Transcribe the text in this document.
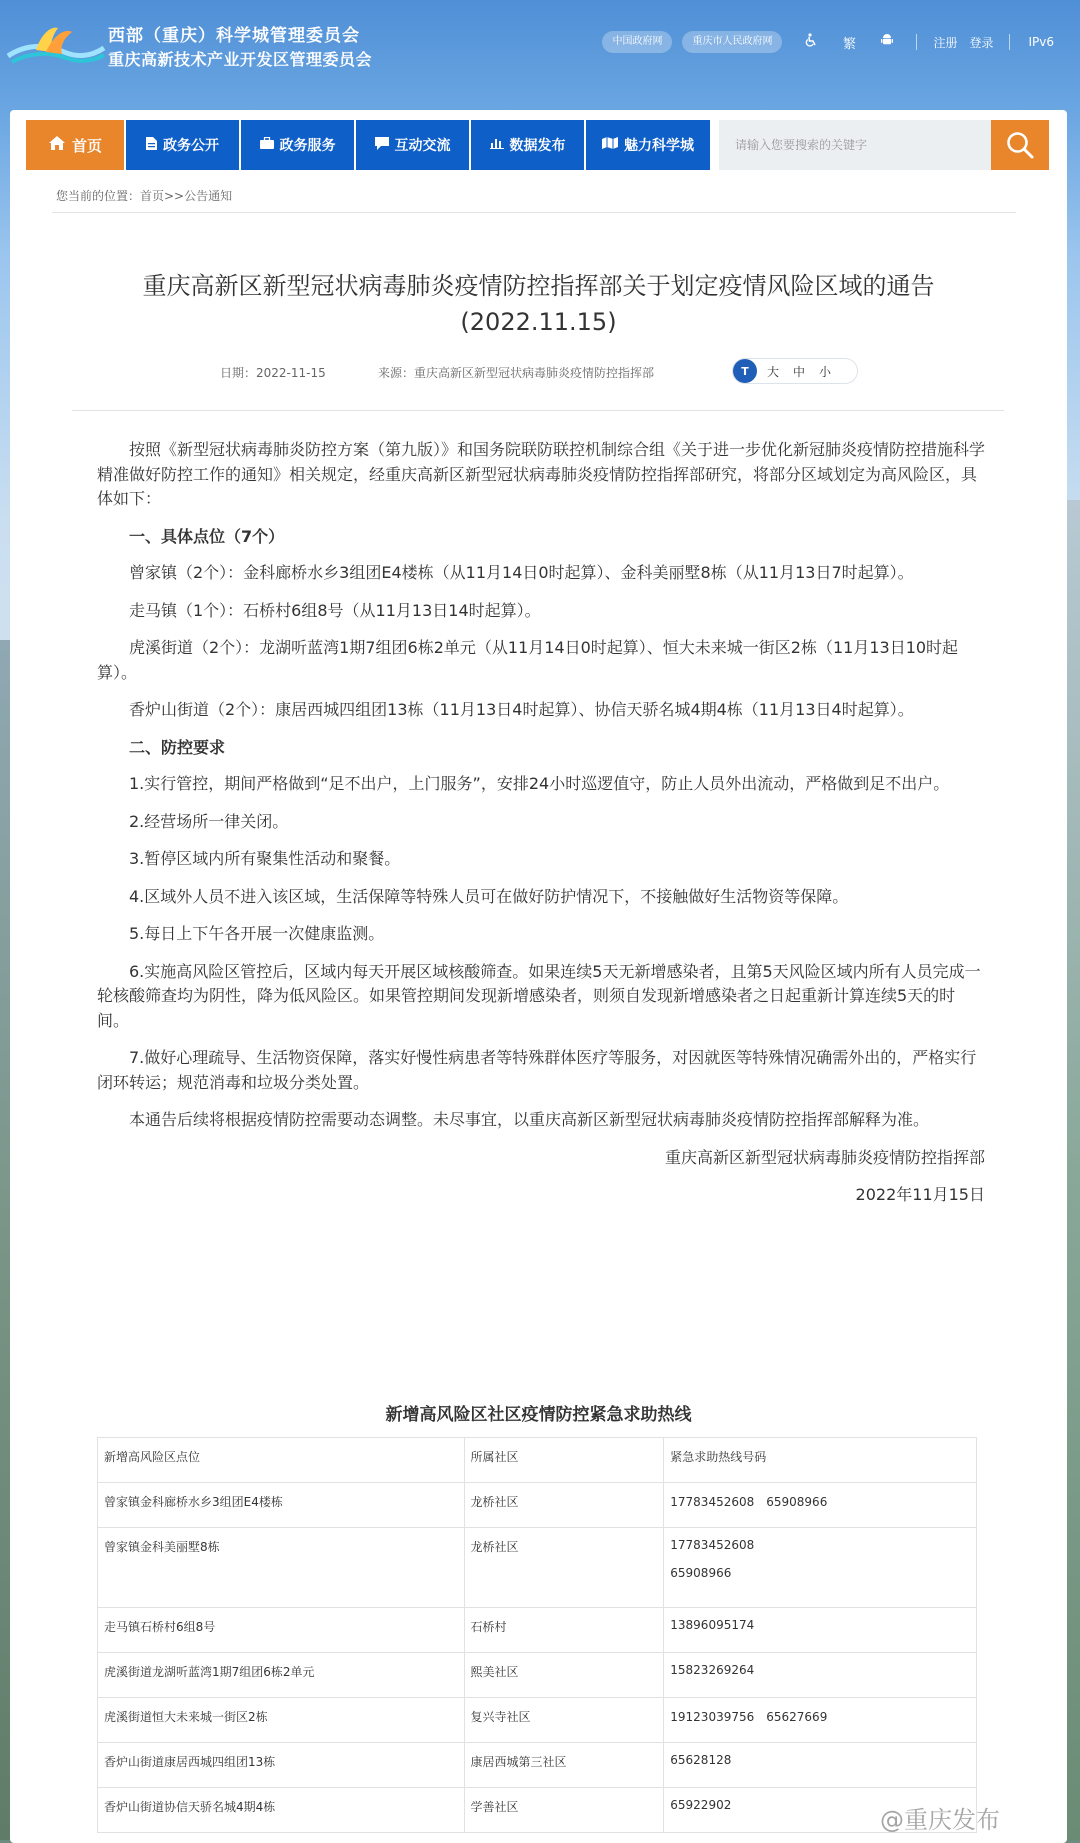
西部（重庆）科学城管理委员会
重庆高新技术产业开发区管理委员会
中国政府网	重庆市人民政府网	繁	注册 登录	IPv6
首页	政务公开	政务服务	互动交流	数据发布	魅力科学城	请输入您要搜索的关键字
您当前的位置：首页>>公告通知
重庆高新区新型冠状病毒肺炎疫情防控指挥部关于划定疫情风险区域的通告
(2022.11.15)
日期：2022-11-15	来源：重庆高新区新型冠状病毒肺炎疫情防控指挥部	T	大 中 小

按照《新型冠状病毒肺炎防控方案（第九版）》和国务院联防联控机制综合组《关于进一步优化新冠肺炎疫情防控措施科学精准做好防控工作的通知》相关规定，经重庆高新区新型冠状病毒肺炎疫情防控指挥部研究，将部分区域划定为高风险区，具体如下：

一、具体点位（7个）

曾家镇（2个）：金科廊桥水乡3组团E4楼栋（从11月14日0时起算）、金科美丽墅8栋（从11月13日7时起算）。

走马镇（1个）：石桥村6组8号（从11月13日14时起算）。

虎溪街道（2个）：龙湖听蓝湾1期7组团6栋2单元（从11月14日0时起算）、恒大未来城一街区2栋（11月13日10时起算）。

香炉山街道（2个）：康居西城四组团13栋（11月13日4时起算）、协信天骄名城4期4栋（11月13日4时起算）。

二、防控要求

1.实行管控，期间严格做到“足不出户，上门服务”，安排24小时巡逻值守，防止人员外出流动，严格做到足不出户。

2.经营场所一律关闭。

3.暂停区域内所有聚集性活动和聚餐。

4.区域外人员不进入该区域，生活保障等特殊人员可在做好防护情况下，不接触做好生活物资等保障。

5.每日上下午各开展一次健康监测。

6.实施高风险区管控后，区域内每天开展区域核酸筛查。如果连续5天无新增感染者，且第5天风险区域内所有人员完成一轮核酸筛查均为阴性，降为低风险区。如果管控期间发现新增感染者，则须自发现新增感染者之日起重新计算连续5天的时间。

7.做好心理疏导、生活物资保障，落实好慢性病患者等特殊群体医疗等服务，对因就医等特殊情况确需外出的，严格实行闭环转运；规范消毒和垃圾分类处置。

本通告后续将根据疫情防控需要动态调整。未尽事宜，以重庆高新区新型冠状病毒肺炎疫情防控指挥部解释为准。

重庆高新区新型冠状病毒肺炎疫情防控指挥部

2022年11月15日

新增高风险区社区疫情防控紧急求助热线
新增高风险区点位	所属社区	紧急求助热线号码

曾家镇金科廊桥水乡3组团E4楼栋	龙桥社区	17783452608　65908966

曾家镇金科美丽墅8栋	龙桥社区	17783452608
65908966

走马镇石桥村6组8号	石桥村	13896095174

虎溪街道龙湖听蓝湾1期7组团6栋2单元	熙美社区	15823269264

虎溪街道恒大未来城一街区2栋	复兴寺社区	19123039756　65627669

香炉山街道康居西城四组团13栋	康居西城第三社区	65628128

香炉山街道协信天骄名城4期4栋	学善社区	65922902
@重庆发布
